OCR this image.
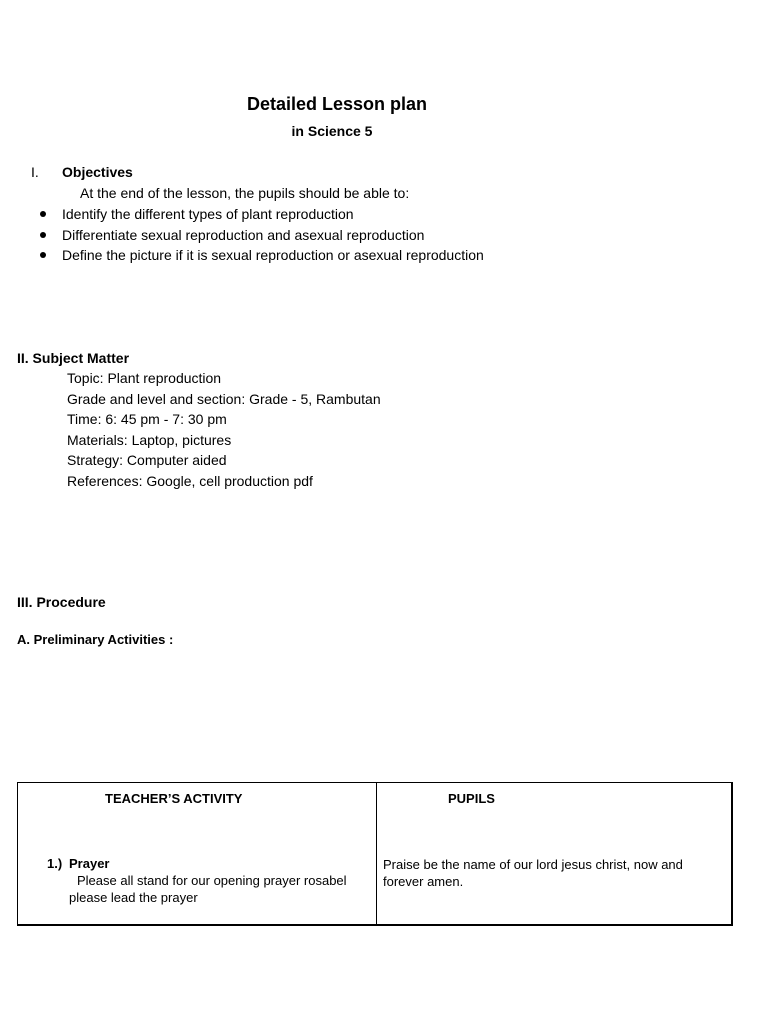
Detailed Lesson plan
in Science 5
I. Objectives
At the end of the lesson, the pupils should be able to:
Identify the different types of plant reproduction
Differentiate sexual reproduction and asexual reproduction
Define the picture if it is sexual reproduction or asexual reproduction
II. Subject Matter
Topic: Plant reproduction
Grade and level and section: Grade - 5, Rambutan
Time: 6: 45 pm - 7: 30 pm
Materials: Laptop, pictures
Strategy: Computer aided
References: Google, cell production pdf
III. Procedure
A. Preliminary Activities :
TEACHER’S ACTIVITY	PUPILS
1.) Prayer
Please all stand for our opening prayer rosabel
please lead the prayer
Praise be the name of our lord jesus christ, now and forever amen.
